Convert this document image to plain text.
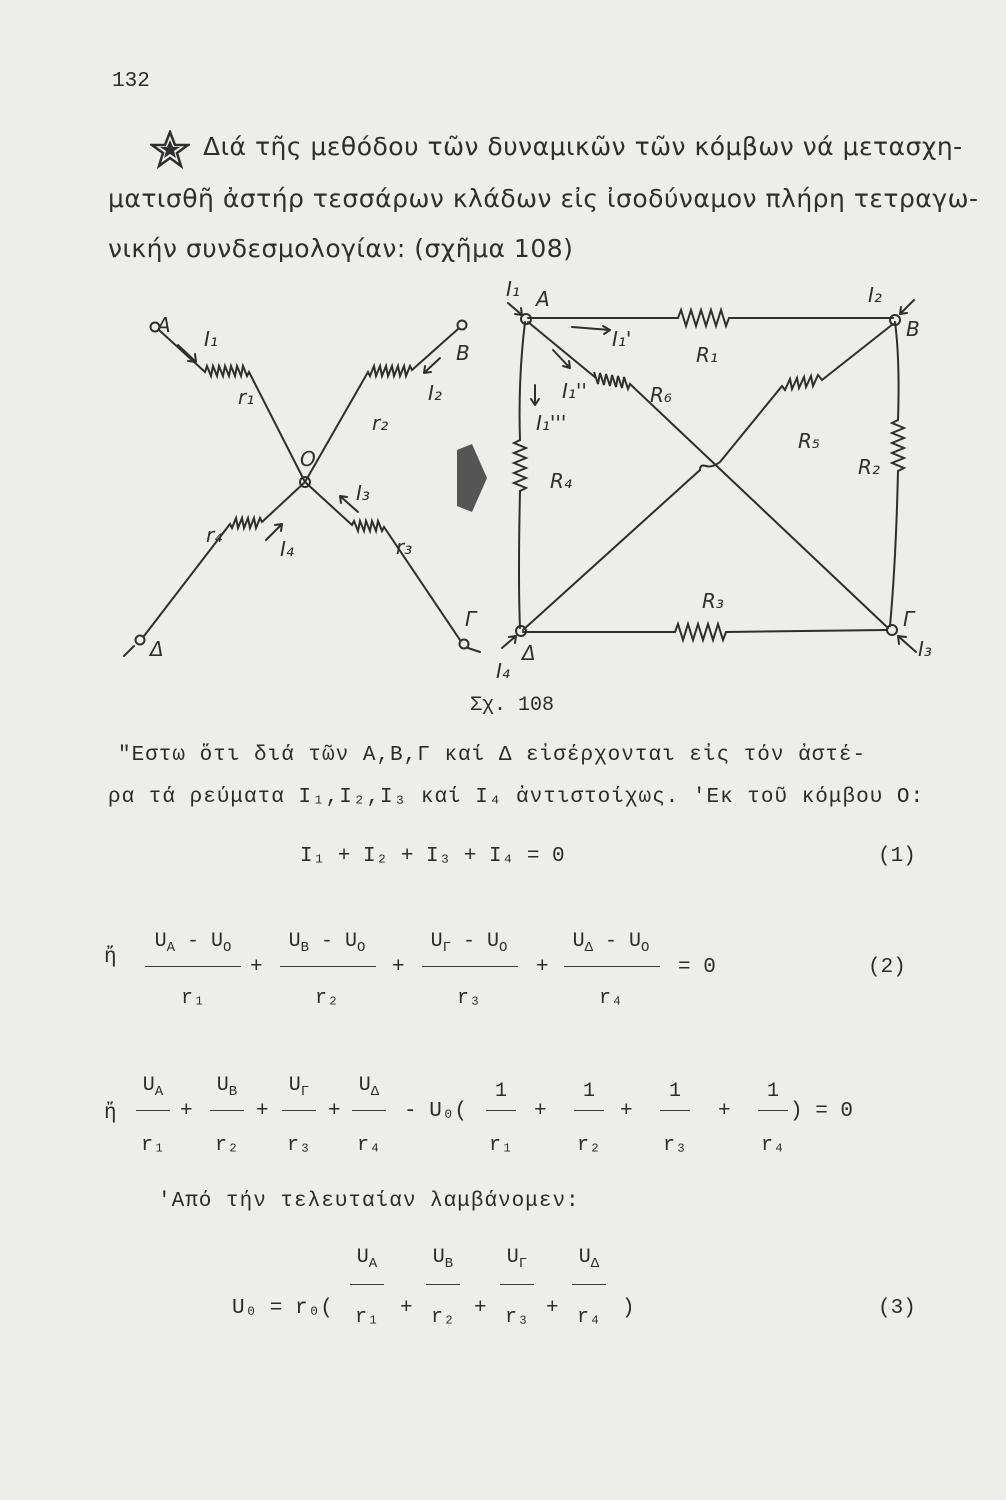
132
Διά τῆς μεθόδου τῶν δυναμικῶν τῶν κόμβων νά μετασχη-
ματισθῆ ἀστήρ τεσσάρων κλάδων εἰς ἰσοδύναμον πλήρη τετραγω-
νικήν συνδεσμολογίαν: (σχῆμα 108)
A
B
Γ
Δ
O
r₁
r₂
r₃
r₄
I₁
I₂
I₃
I₄
A
B
Γ
Δ
R₁
R₂
R₃
R₄
R₅
R₆
I₁	I₂
I₃
I₄
I₁'
I₁''
I₁'''
Σχ. 108
"Εστω ὅτι διά τῶν A,B,Γ καί Δ εἰσέρχονται εἰς τόν ἀστέ-
ρα τά ρεύματα I₁,I₂,I₃ καί I₄ ἀντιστοίχως. 'Εκ τοῦ κόμβου O:
I₁ + I₂ + I₃ + I₄ = 0	(1)
ἤ
$U_A - U_O$
r₁
+
$U_B - U_O$
r₂
+
$U_\Gamma - U_O$
r₃
+
$U_\Delta - U_O$
r₄
= 0	(2)
ἤ
$U_A$
r₁
+
$U_B$
r₂
+
$U_\Gamma$
r₃
+
$U_\Delta$
r₄
- U₀(
1
r₁
+
1
r₂
+
1
r₃
+
1
r₄
) = 0
'Από τήν τελευταίαν λαμβάνομεν:
U₀ = r₀(
$U_A$
r₁	+
$U_B$
r₂ +
$U_\Gamma$
r₃ +
$U_\Delta$
r₄	)	(3)
